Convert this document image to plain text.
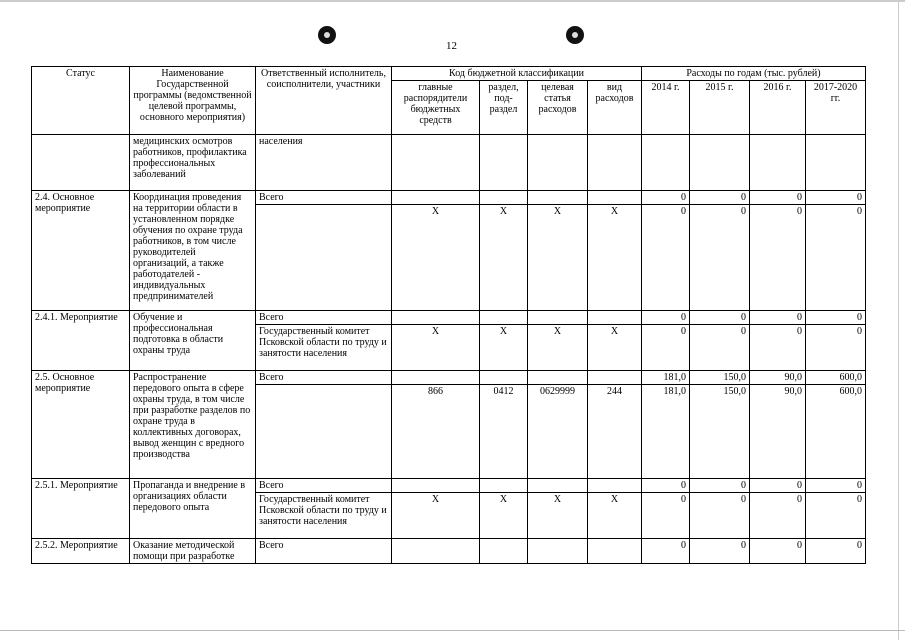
12
Статус	Наименование Государственной программы (ведомственной целевой программы, основного мероприятия)	Ответственный исполнитель, соисполнители, участники	Код бюджетной классификации				Расходы по годам (тыс. рублей)			
			главные распорядители бюджетных средств	раздел, под-раздел	целевая статья расходов	вид расходов	2014 г.	2015 г.	2016 г.	2017-2020 гг.
	медицинских осмотров работников, профилактика профессиональных заболеваний	населения								
2.4. Основное мероприятие	Координация проведения на территории области в установленном порядке обучения по охране труда работников, в том числе руководителей организаций, а также работодателей - индивидуальных предпринимателей	Всего					0	0	0	0
			X	X	X	X	0	0	0	0
2.4.1. Мероприятие	Обучение и профессиональная подготовка в области охраны труда	Всего					0	0	0	0
		Государственный комитет Псковской области по труду и занятости населения	X	X	X	X	0	0	0	0
2.5. Основное мероприятие	Распространение передового опыта в сфере охраны труда, в том числе при разработке разделов по охране труда в коллективных договорах, вывод женщин с вредного производства	Всего					181,0	150,0	90,0	600,0
			866	0412	0629999	244	181,0	150,0	90,0	600,0
2.5.1. Мероприятие	Пропаганда и внедрение в организациях области передового опыта	Всего					0	0	0	0
		Государственный комитет Псковской области по труду и занятости населения	X	X	X	X	0	0	0	0
2.5.2. Мероприятие	Оказание методической помощи при разработке	Всего					0	0	0	0
